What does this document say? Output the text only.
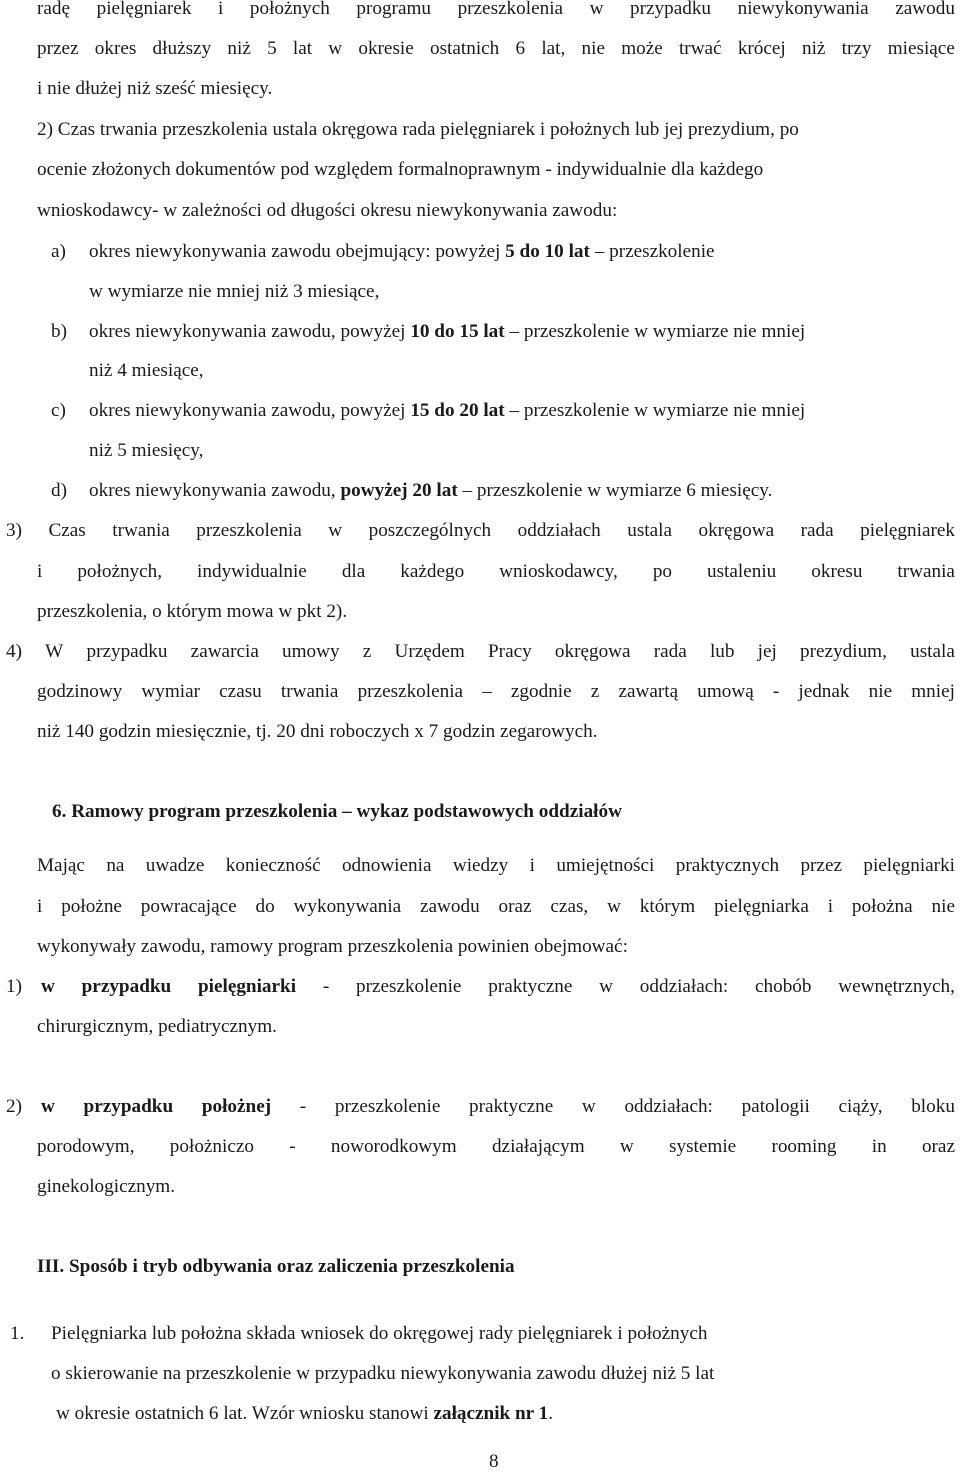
radę pielęgniarek i położnych programu przeszkolenia w przypadku niewykonywania zawodu
przez okres dłuższy niż 5 lat w okresie ostatnich 6 lat, nie może trwać krócej niż trzy miesiące
i nie dłużej niż sześć miesięcy.
2) Czas trwania przeszkolenia ustala okręgowa rada pielęgniarek i położnych lub jej prezydium, po
ocenie złożonych dokumentów pod względem formalnoprawnym - indywidualnie dla każdego
wnioskodawcy- w zależności od długości okresu niewykonywania zawodu:
a) okres niewykonywania zawodu obejmujący: powyżej 5 do 10 lat – przeszkolenie
w wymiarze nie mniej niż 3 miesiące,
b) okres niewykonywania zawodu, powyżej 10 do 15 lat – przeszkolenie w wymiarze nie mniej
niż 4 miesiące,
c) okres niewykonywania zawodu, powyżej 15 do 20 lat – przeszkolenie w wymiarze nie mniej
niż 5 miesięcy,
d) okres niewykonywania zawodu, powyżej 20 lat – przeszkolenie w wymiarze 6 miesięcy.
3) Czas trwania przeszkolenia w poszczególnych oddziałach ustala okręgowa rada pielęgniarek
i położnych, indywidualnie dla każdego wnioskodawcy, po ustaleniu okresu trwania
przeszkolenia, o którym mowa w pkt 2).
4) W przypadku zawarcia umowy z Urzędem Pracy okręgowa rada lub jej prezydium, ustala
godzinowy wymiar czasu trwania przeszkolenia – zgodnie z zawartą umową - jednak nie mniej
niż 140 godzin miesięcznie, tj. 20 dni roboczych x 7 godzin zegarowych.
6. Ramowy program przeszkolenia – wykaz podstawowych oddziałów
Mając na uwadze konieczność odnowienia wiedzy i umiejętności praktycznych przez pielęgniarki
i położne powracające do wykonywania zawodu oraz czas, w którym pielęgniarka i położna nie
wykonywały zawodu, ramowy program przeszkolenia powinien obejmować:
1) w przypadku pielęgniarki - przeszkolenie praktyczne w oddziałach: chobób wewnętrznych,
chirurgicznym, pediatrycznym.
2) w przypadku położnej - przeszkolenie praktyczne w oddziałach: patologii ciąży, bloku
porodowym, położniczo - noworodkowym działającym w systemie rooming in oraz
ginekologicznym.
III. Sposób i tryb odbywania oraz zaliczenia przeszkolenia
1. Pielęgniarka lub położna składa wniosek do okręgowej rady pielęgniarek i położnych
o skierowanie na przeszkolenie w przypadku niewykonywania zawodu dłużej niż 5 lat
w okresie ostatnich 6 lat. Wzór wniosku stanowi załącznik nr 1.
8
